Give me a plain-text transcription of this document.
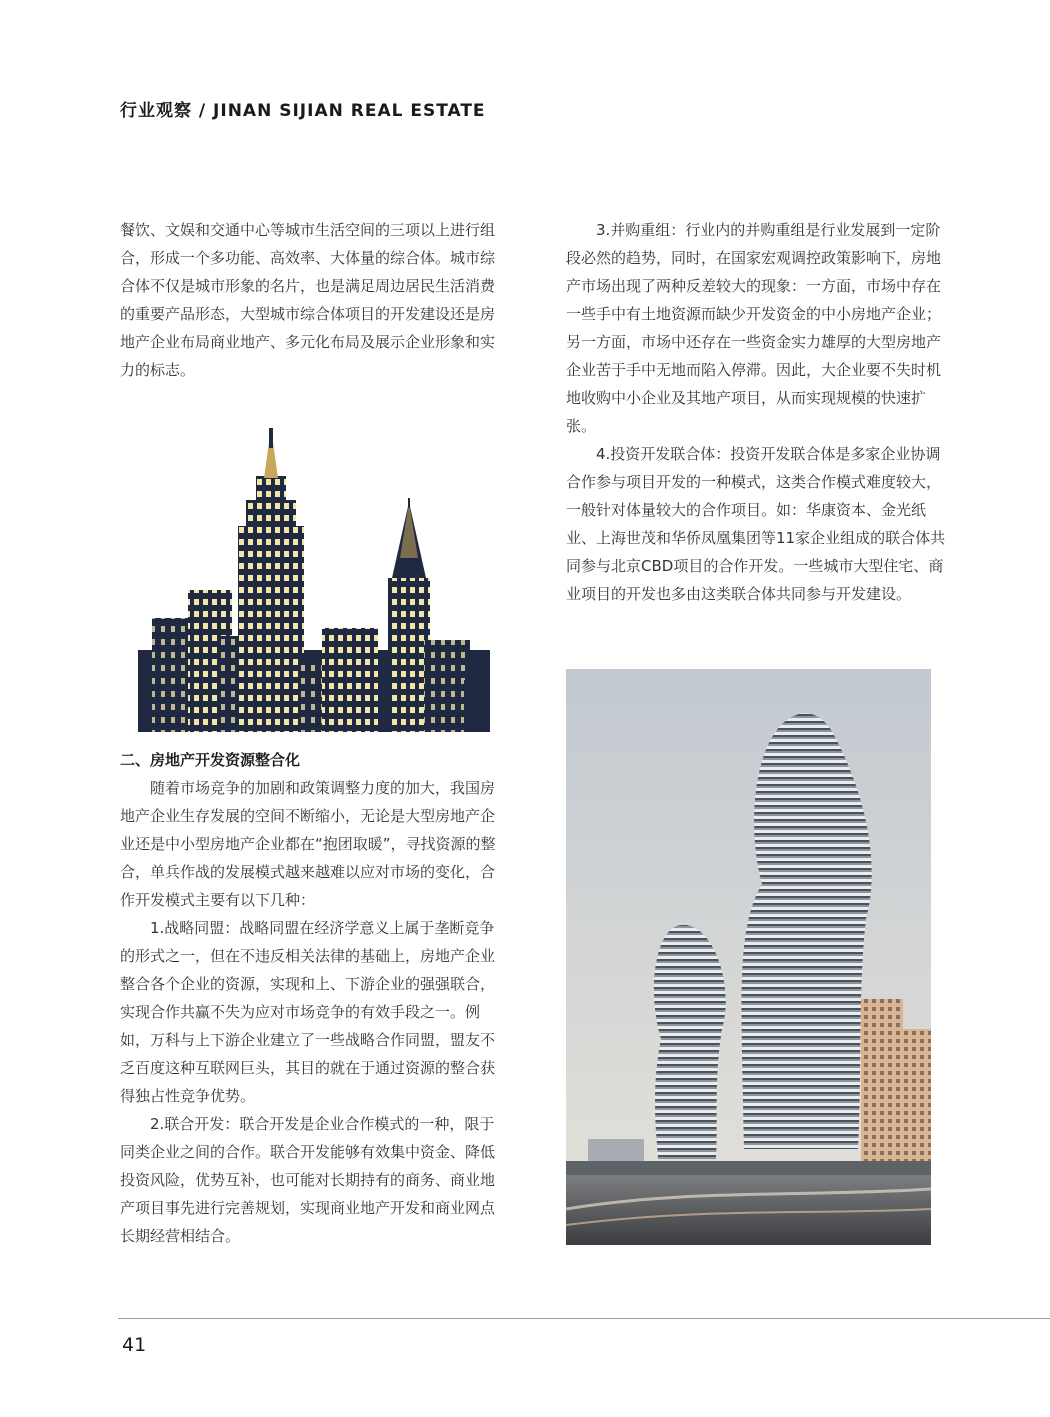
行业观察 / JINAN SIJIAN REAL ESTATE

餐饮、文娱和交通中心等城市生活空间的三项以上进行组合，形成一个多功能、高效率、大体量的综合体。城市综合体不仅是城市形象的名片，也是满足周边居民生活消费的重要产品形态，大型城市综合体项目的开发建设还是房地产企业布局商业地产、多元化布局及展示企业形象和实力的标志。

二、房地产开发资源整合化

随着市场竞争的加剧和政策调整力度的加大，我国房地产企业生存发展的空间不断缩小，无论是大型房地产企业还是中小型房地产企业都在“抱团取暖”，寻找资源的整合，单兵作战的发展模式越来越难以应对市场的变化，合作开发模式主要有以下几种：

1.战略同盟：战略同盟在经济学意义上属于垄断竞争的形式之一，但在不违反相关法律的基础上，房地产企业整合各个企业的资源，实现和上、下游企业的强强联合，实现合作共赢不失为应对市场竞争的有效手段之一。例如，万科与上下游企业建立了一些战略合作同盟，盟友不乏百度这种互联网巨头，其目的就在于通过资源的整合获得独占性竞争优势。

2.联合开发：联合开发是企业合作模式的一种，限于同类企业之间的合作。联合开发能够有效集中资金、降低投资风险，优势互补，也可能对长期持有的商务、商业地产项目事先进行完善规划，实现商业地产开发和商业网点长期经营相结合。

3.并购重组：行业内的并购重组是行业发展到一定阶段必然的趋势，同时，在国家宏观调控政策影响下，房地产市场出现了两种反差较大的现象：一方面，市场中存在一些手中有土地资源而缺少开发资金的中小房地产企业；另一方面，市场中还存在一些资金实力雄厚的大型房地产企业苦于手中无地而陷入停滞。因此，大企业要不失时机地收购中小企业及其地产项目，从而实现规模的快速扩张。

4.投资开发联合体：投资开发联合体是多家企业协调合作参与项目开发的一种模式，这类合作模式难度较大，一般针对体量较大的合作项目。如：华康资本、金光纸业、上海世茂和华侨凤凰集团等11家企业组成的联合体共同参与北京CBD项目的合作开发。一些城市大型住宅、商业项目的开发也多由这类联合体共同参与开发建设。

41
